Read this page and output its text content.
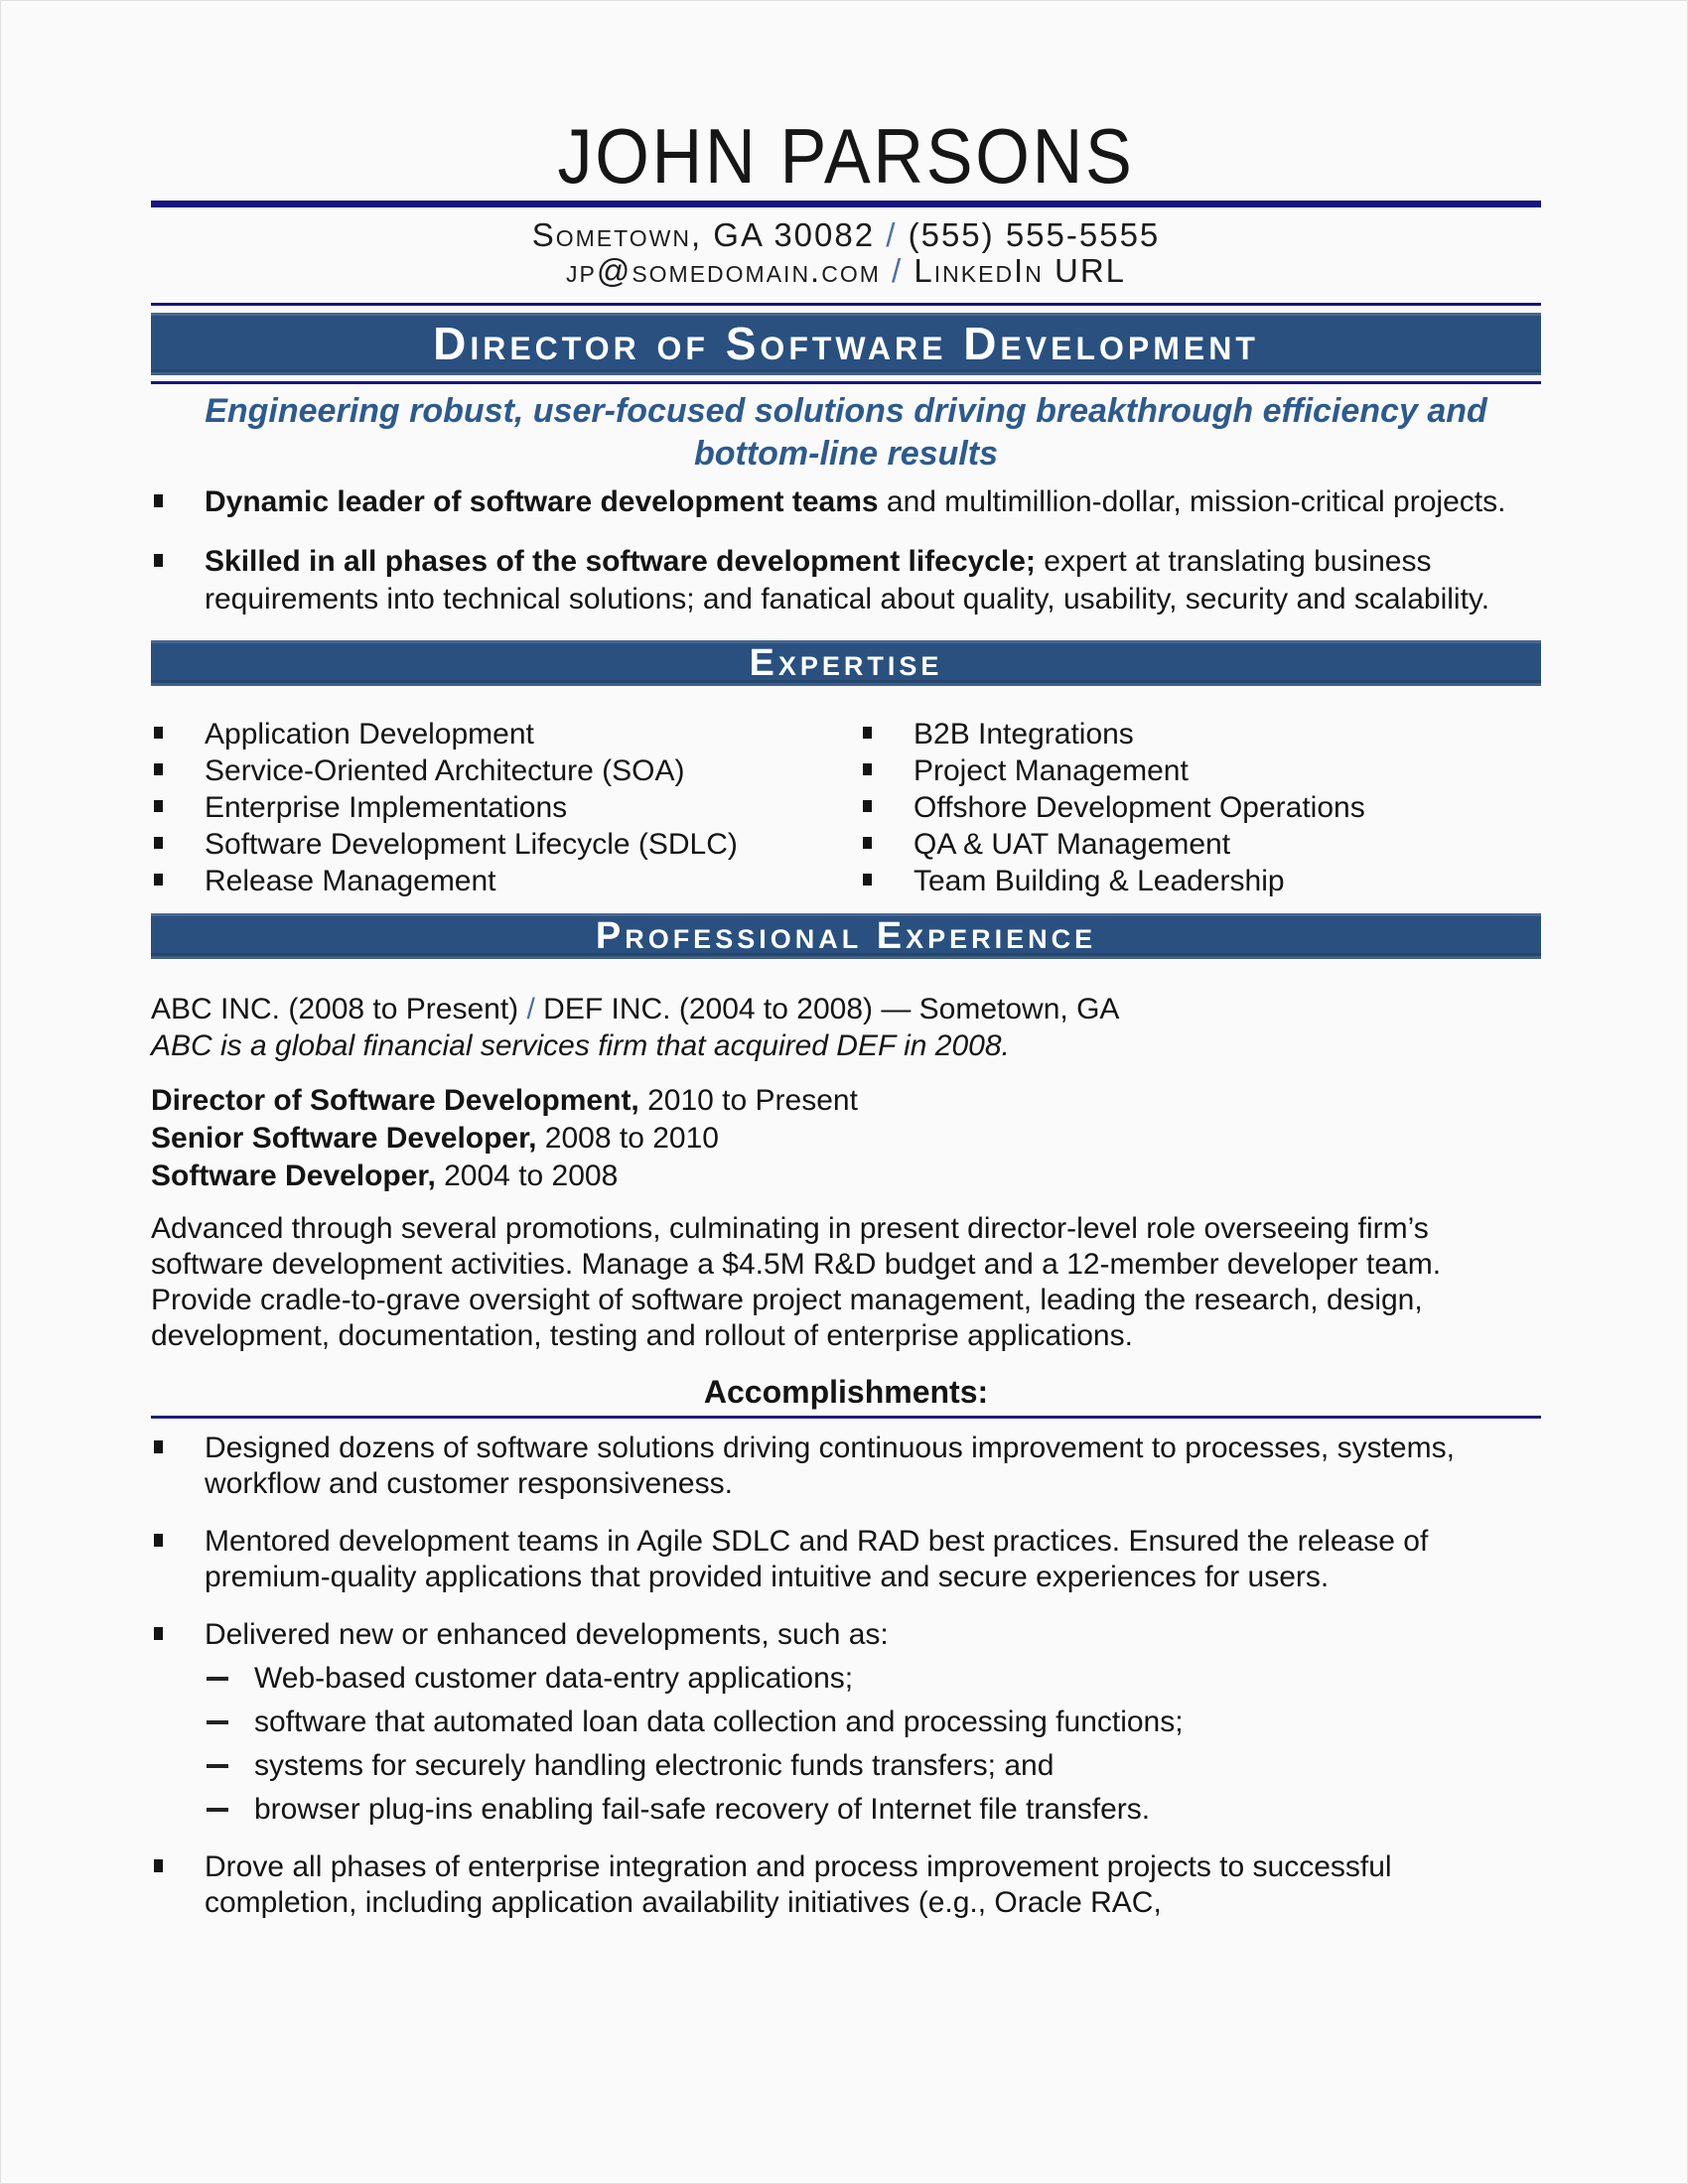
JOHN PARSONS
Sometown, GA 30082 / (555) 555-5555
jp@somedomain.com / LinkedIn URL
Director of Software Development
Engineering robust, user-focused solutions driving breakthrough efficiency and bottom-line results
Dynamic leader of software development teams and multimillion-dollar, mission-critical projects.
Skilled in all phases of the software development lifecycle; expert at translating business requirements into technical solutions; and fanatical about quality, usability, security and scalability.
Expertise
Application Development
Service-Oriented Architecture (SOA)
Enterprise Implementations
Software Development Lifecycle (SDLC)
Release Management
B2B Integrations
Project Management
Offshore Development Operations
QA & UAT Management
Team Building & Leadership
Professional Experience
ABC INC. (2008 to Present) / DEF INC. (2004 to 2008) — Sometown, GA
ABC is a global financial services firm that acquired DEF in 2008.
Director of Software Development, 2010 to Present
Senior Software Developer, 2008 to 2010
Software Developer, 2004 to 2008
Advanced through several promotions, culminating in present director-level role overseeing firm’s software development activities. Manage a $4.5M R&D budget and a 12-member developer team. Provide cradle-to-grave oversight of software project management, leading the research, design, development, documentation, testing and rollout of enterprise applications.
Accomplishments:
Designed dozens of software solutions driving continuous improvement to processes, systems, workflow and customer responsiveness.
Mentored development teams in Agile SDLC and RAD best practices. Ensured the release of premium-quality applications that provided intuitive and secure experiences for users.
Delivered new or enhanced developments, such as:
Web-based customer data-entry applications;
software that automated loan data collection and processing functions;
systems for securely handling electronic funds transfers; and
browser plug-ins enabling fail-safe recovery of Internet file transfers.
Drove all phases of enterprise integration and process improvement projects to successful completion, including application availability initiatives (e.g., Oracle RAC,
